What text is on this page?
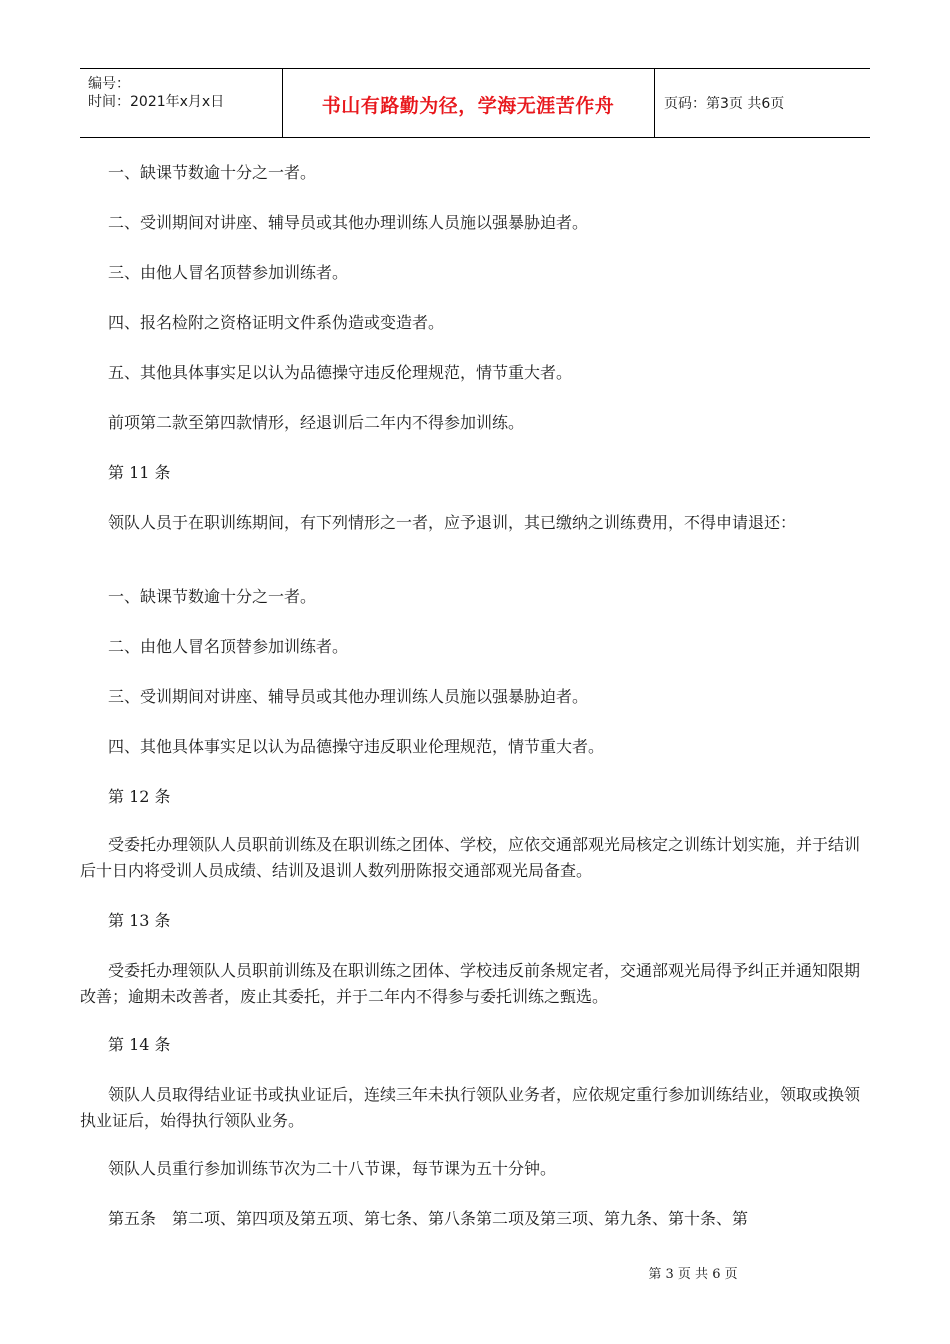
编号：
时间：2021年x月x日	书山有路勤为径，学海无涯苦作舟	页码：第3页 共6页
一、缺课节数逾十分之一者。
二、受训期间对讲座、辅导员或其他办理训练人员施以强暴胁迫者。
三、由他人冒名顶替参加训练者。
四、报名检附之资格证明文件系伪造或变造者。
五、其他具体事实足以认为品德操守违反伦理规范，情节重大者。
前项第二款至第四款情形，经退训后二年内不得参加训练。
第 11 条
领队人员于在职训练期间，有下列情形之一者，应予退训，其已缴纳之训练费用，不得申请退还：
一、缺课节数逾十分之一者。
二、由他人冒名顶替参加训练者。
三、受训期间对讲座、辅导员或其他办理训练人员施以强暴胁迫者。
四、其他具体事实足以认为品德操守违反职业伦理规范，情节重大者。
第 12 条
受委托办理领队人员职前训练及在职训练之团体、学校，应依交通部观光局核定之训练计划实施，并于结训后十日内将受训人员成绩、结训及退训人数列册陈报交通部观光局备查。
第 13 条
受委托办理领队人员职前训练及在职训练之团体、学校违反前条规定者，交通部观光局得予纠正并通知限期改善；逾期未改善者，废止其委托，并于二年内不得参与委托训练之甄选。
第 14 条
领队人员取得结业证书或执业证后，连续三年未执行领队业务者，应依规定重行参加训练结业，领取或换领执业证后，始得执行领队业务。
领队人员重行参加训练节次为二十八节课，每节课为五十分钟。
第五条　第二项、第四项及第五项、第七条、第八条第二项及第三项、第九条、第十条、第
第 3 页 共 6 页
